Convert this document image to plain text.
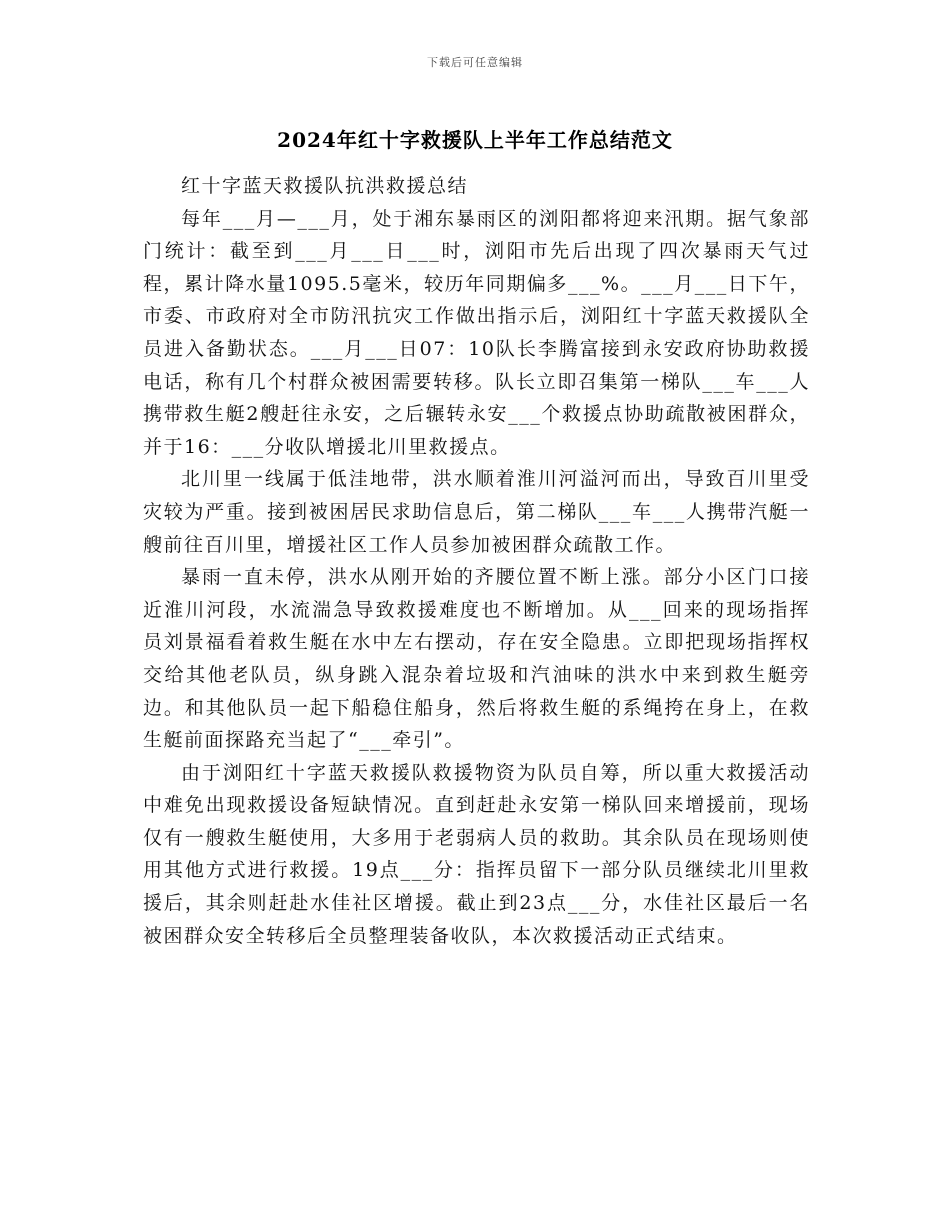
下载后可任意编辑
2024年红十字救援队上半年工作总结范文

红十字蓝天救援队抗洪救援总结

每年___月—___月，处于湘东暴雨区的浏阳都将迎来汛期。据气象部门统计：截至到___月___日___时，浏阳市先后出现了四次暴雨天气过程，累计降水量1095.5毫米，较历年同期偏多___%。___月___日下午，市委、市政府对全市防汛抗灾工作做出指示后，浏阳红十字蓝天救援队全员进入备勤状态。___月___日07：10队长李腾富接到永安政府协助救援电话，称有几个村群众被困需要转移。队长立即召集第一梯队___车___人携带救生艇2艘赶往永安，之后辗转永安___个救援点协助疏散被困群众，并于16：___分收队增援北川里救援点。

北川里一线属于低洼地带，洪水顺着淮川河溢河而出，导致百川里受灾较为严重。接到被困居民求助信息后，第二梯队___车___人携带汽艇一艘前往百川里，增援社区工作人员参加被困群众疏散工作。

暴雨一直未停，洪水从刚开始的齐腰位置不断上涨。部分小区门口接近淮川河段，水流湍急导致救援难度也不断增加。从___回来的现场指挥员刘景福看着救生艇在水中左右摆动，存在安全隐患。立即把现场指挥权交给其他老队员，纵身跳入混杂着垃圾和汽油味的洪水中来到救生艇旁边。和其他队员一起下船稳住船身，然后将救生艇的系绳挎在身上，在救生艇前面探路充当起了“___牵引”。

由于浏阳红十字蓝天救援队救援物资为队员自筹，所以重大救援活动中难免出现救援设备短缺情况。直到赶赴永安第一梯队回来增援前，现场仅有一艘救生艇使用，大多用于老弱病人员的救助。其余队员在现场则使用其他方式进行救援。19点___分：指挥员留下一部分队员继续北川里救援后，其余则赶赴水佳社区增援。截止到23点___分，水佳社区最后一名被困群众安全转移后全员整理装备收队，本次救援活动正式结束。
